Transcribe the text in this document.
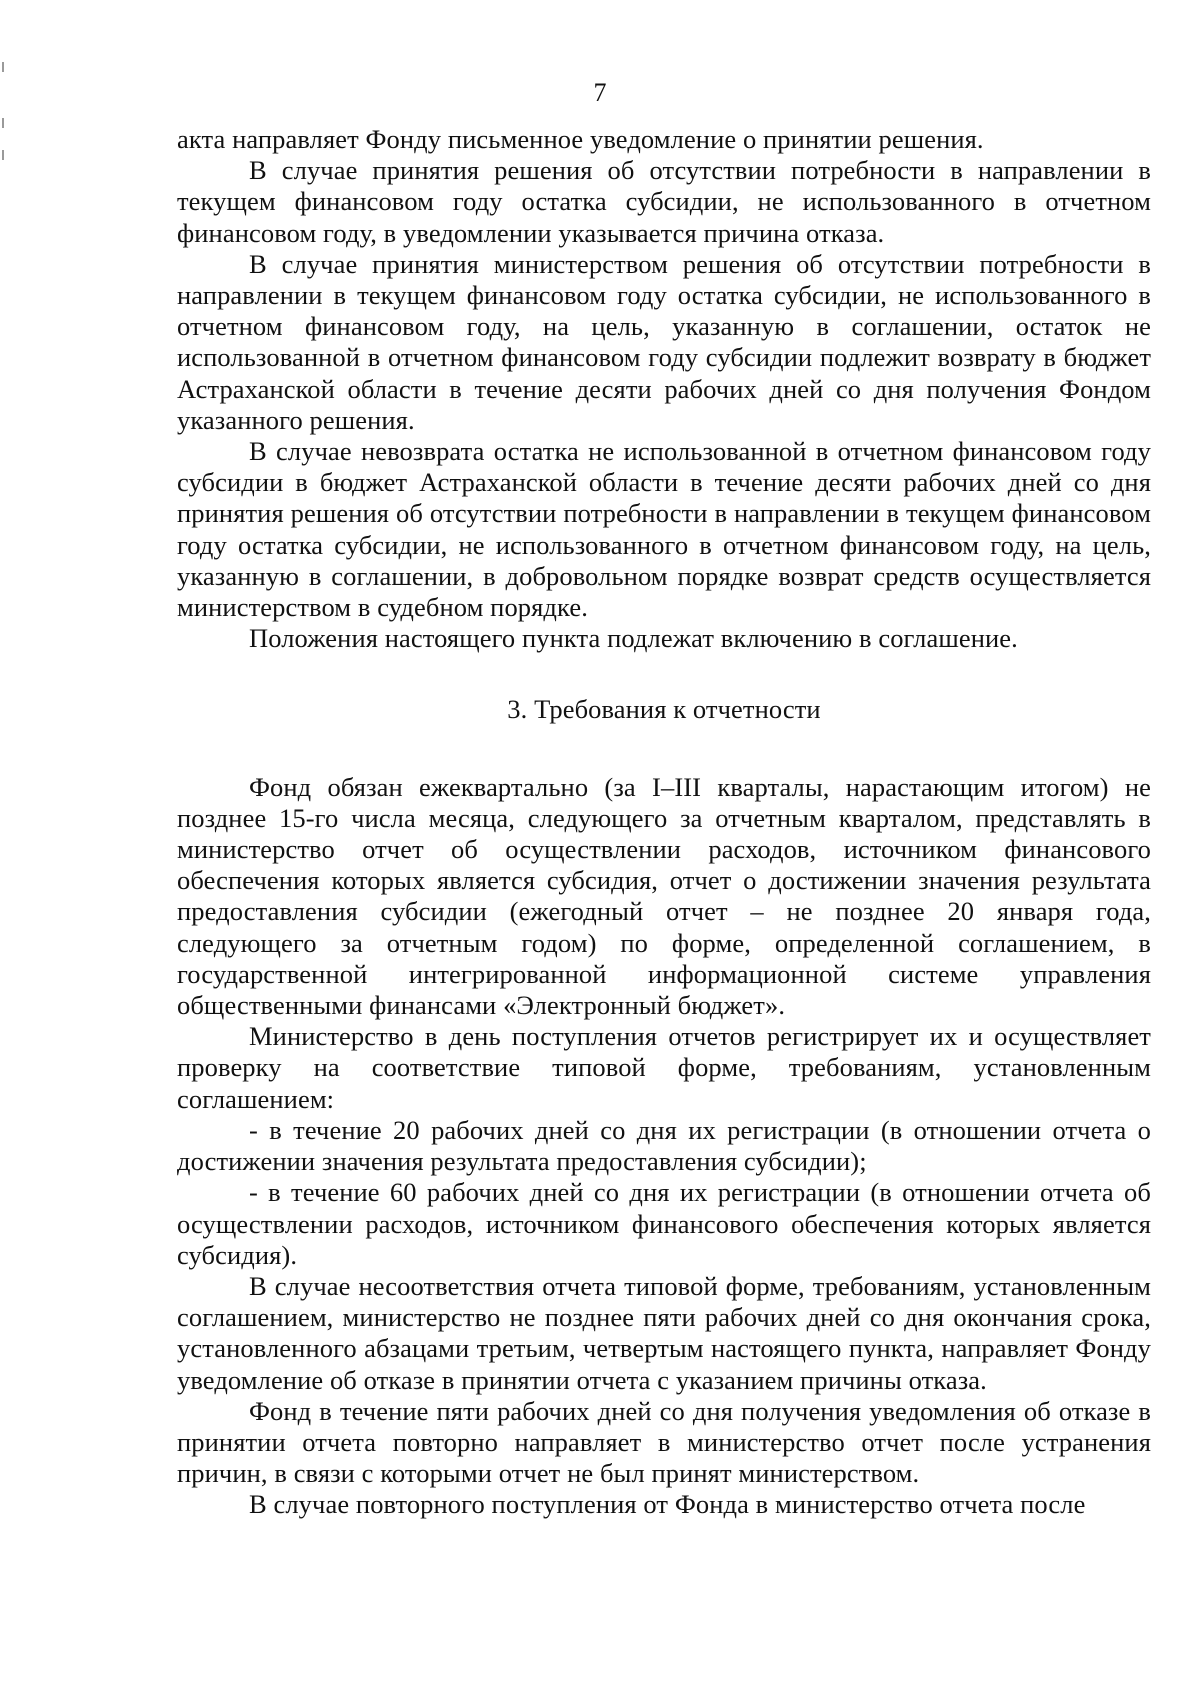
7

акта направляет Фонду письменное уведомление о принятии решения.

В случае принятия решения об отсутствии потребности в направлении в текущем финансовом году остатка субсидии, не использованного в отчетном финансовом году, в уведомлении указывается причина отказа.

В случае принятия министерством решения об отсутствии потребности в направлении в текущем финансовом году остатка субсидии, не использованного в отчетном финансовом году, на цель, указанную в соглашении, остаток не использованной в отчетном финансовом году субсидии подлежит возврату в бюджет Астраханской области в течение десяти рабочих дней со дня получения Фондом указанного решения.

В случае невозврата остатка не использованной в отчетном финансовом году субсидии в бюджет Астраханской области в течение десяти рабочих дней со дня принятия решения об отсутствии потребности в направлении в текущем финансовом году остатка субсидии, не использованного в отчетном финансовом году, на цель, указанную в соглашении, в добровольном порядке возврат средств осуществляется министерством в судебном порядке.

Положения настоящего пункта подлежат включению в соглашение.

3. Требования к отчетности

Фонд обязан ежеквартально (за I–III кварталы, нарастающим итогом) не позднее 15-го числа месяца, следующего за отчетным кварталом, представлять в министерство отчет об осуществлении расходов, источником финансового обеспечения которых является субсидия, отчет о достижении значения результата предоставления субсидии (ежегодный отчет – не позднее 20 января года, следующего за отчетным годом) по форме, определенной соглашением, в государственной интегрированной информационной системе управления общественными финансами «Электронный бюджет».

Министерство в день поступления отчетов регистрирует их и осуществляет проверку на соответствие типовой форме, требованиям, установленным соглашением:

- в течение 20 рабочих дней со дня их регистрации (в отношении отчета о достижении значения результата предоставления субсидии);

- в течение 60 рабочих дней со дня их регистрации (в отношении отчета об осуществлении расходов, источником финансового обеспечения которых является субсидия).

В случае несоответствия отчета типовой форме, требованиям, установленным соглашением, министерство не позднее пяти рабочих дней со дня окончания срока, установленного абзацами третьим, четвертым настоящего пункта, направляет Фонду уведомление об отказе в принятии отчета с указанием причины отказа.

Фонд в течение пяти рабочих дней со дня получения уведомления об отказе в принятии отчета повторно направляет в министерство отчет после устранения причин, в связи с которыми отчет не был принят министерством.

В случае повторного поступления от Фонда в министерство отчета после
